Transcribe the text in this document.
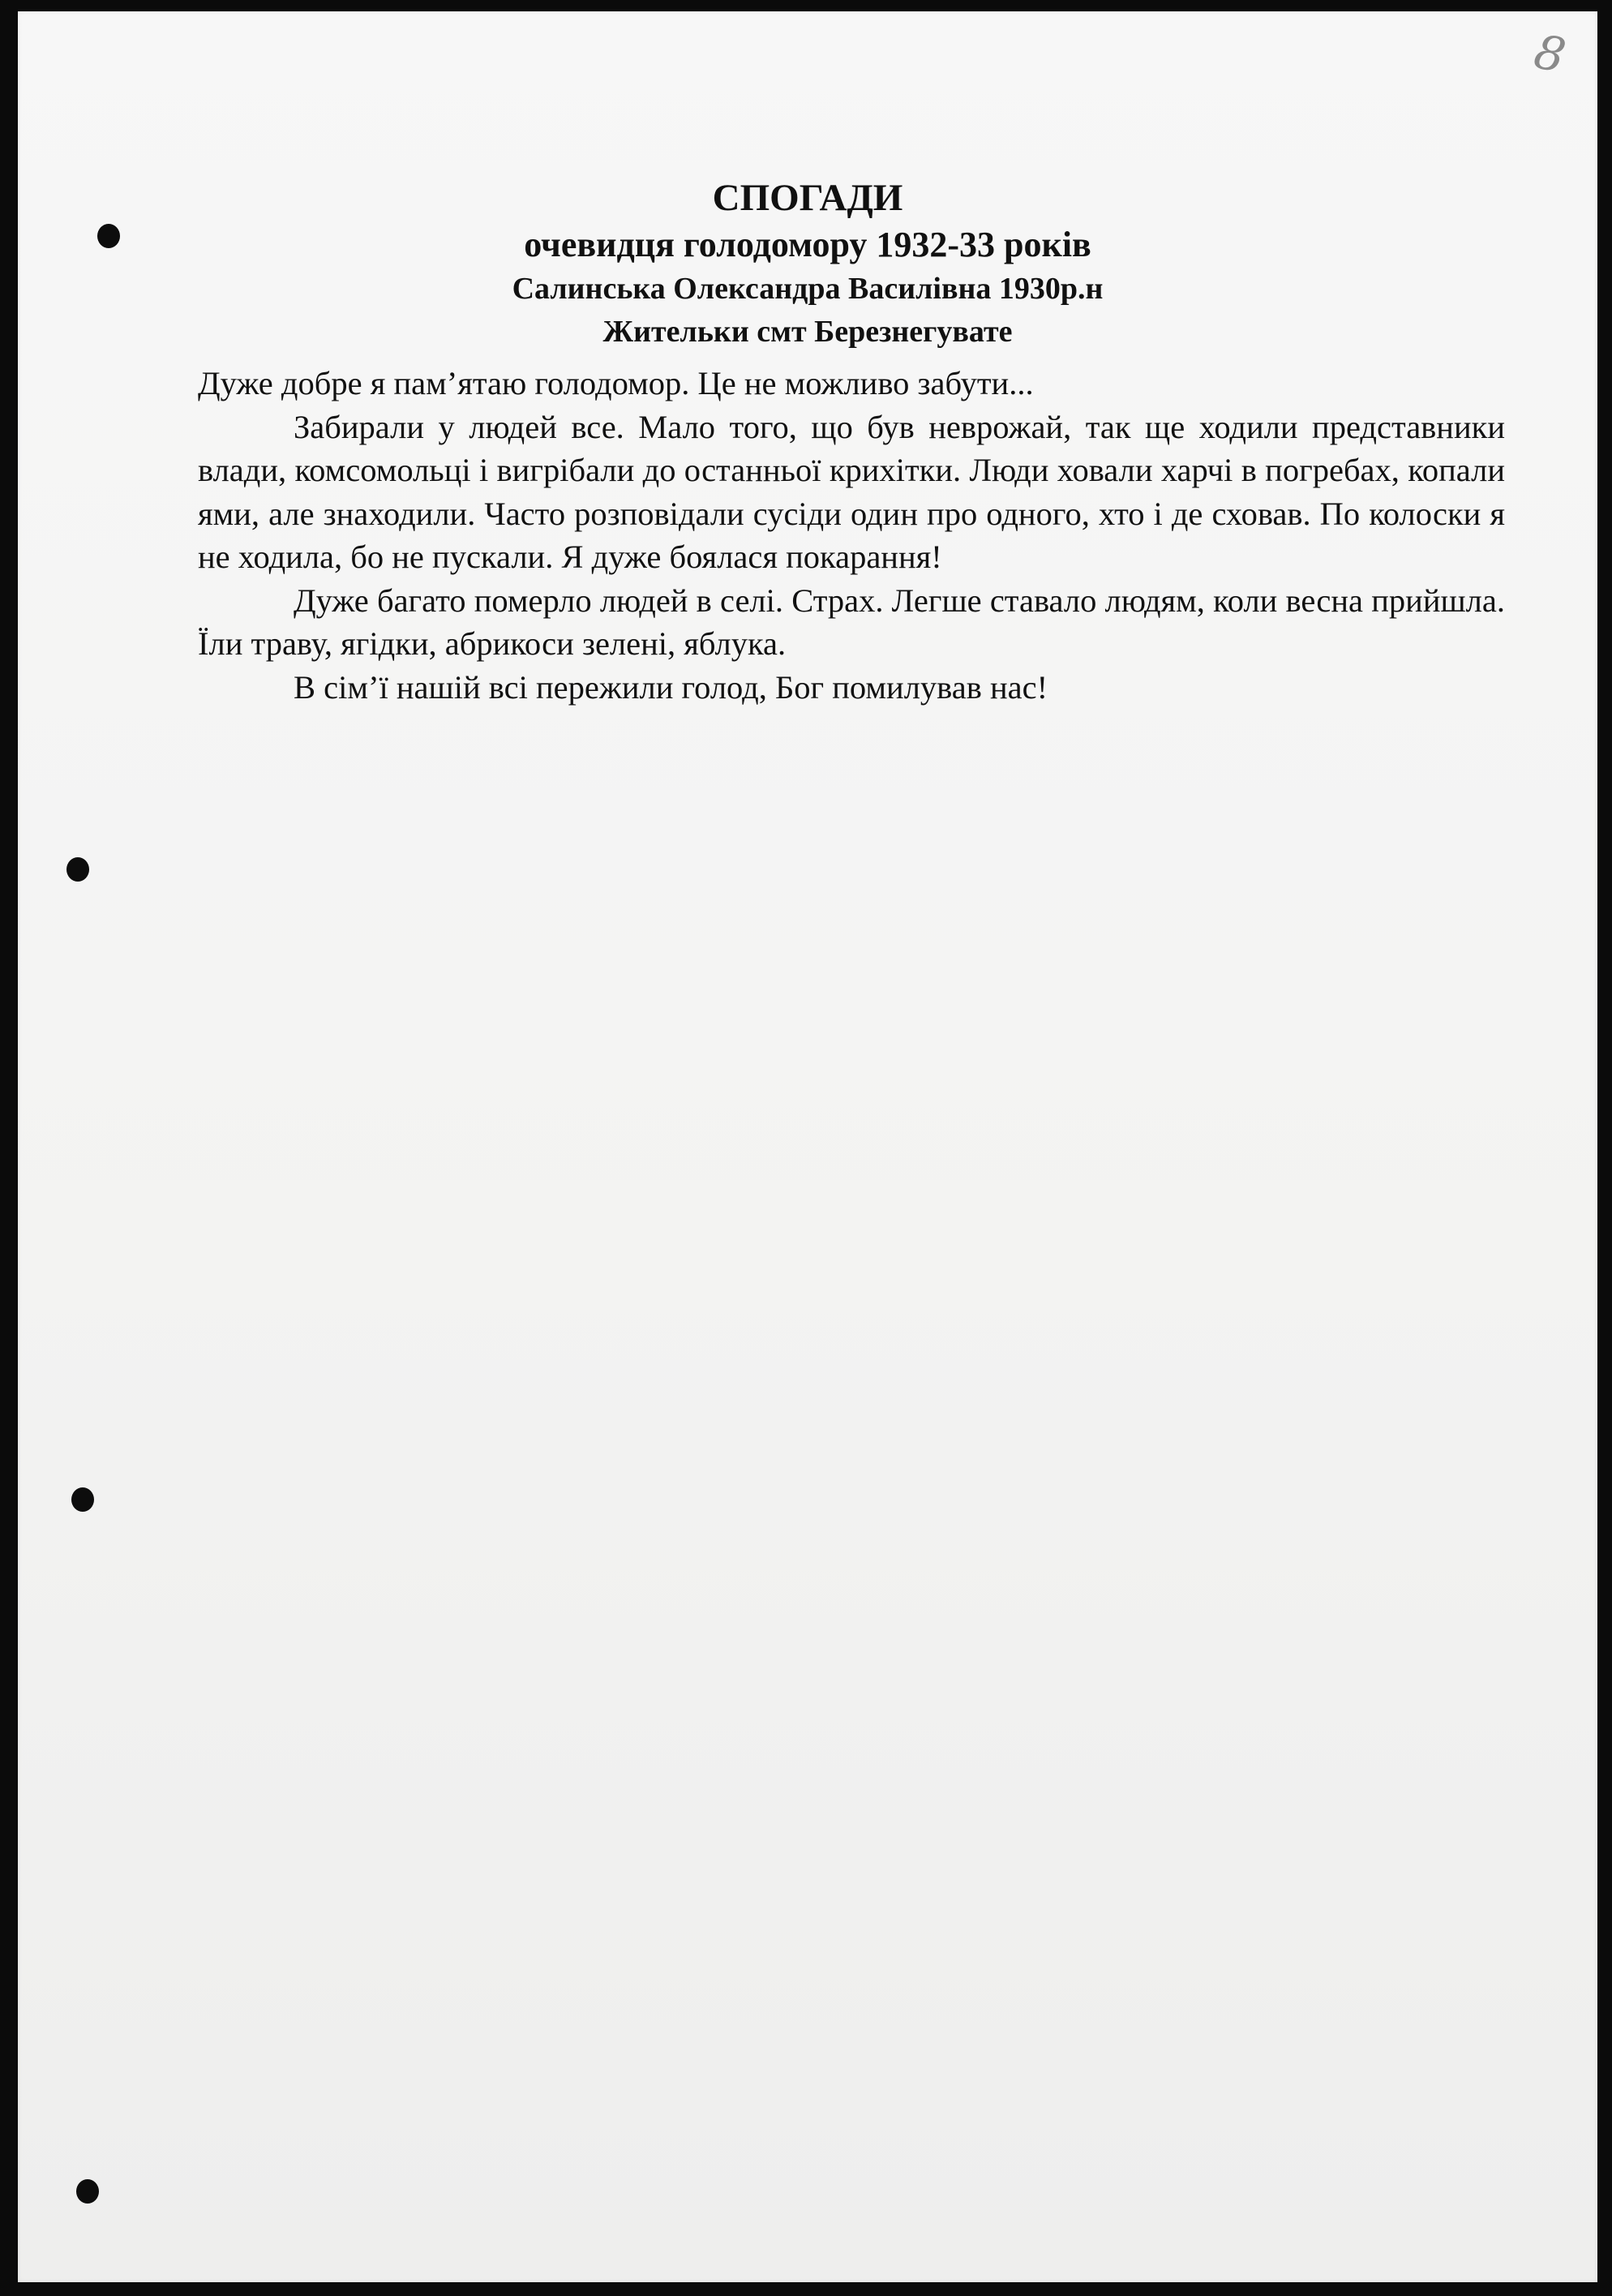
8
СПОГАДИ
очевидця голодомору 1932-33 років
Салинська Олександра Василівна 1930р.н
Жительки смт Березнегувате

Дуже добре я пам’ятаю голодомор. Це не можливо забути...

Забирали у людей все. Мало того, що був неврожай, так ще ходили представники влади, комсомольці і вигрібали до останньої крихітки. Люди ховали харчі в погребах, копали ями, але знаходили. Часто розповідали сусіди один про одного, хто і де сховав. По колоски я не ходила, бо не пускали. Я дуже боялася покарання!

Дуже багато померло людей в селі. Страх. Легше ставало людям, коли весна прийшла. Їли траву, ягідки, абрикоси зелені, яблука.

В сім’ї нашій всі пережили голод, Бог помилував нас!
